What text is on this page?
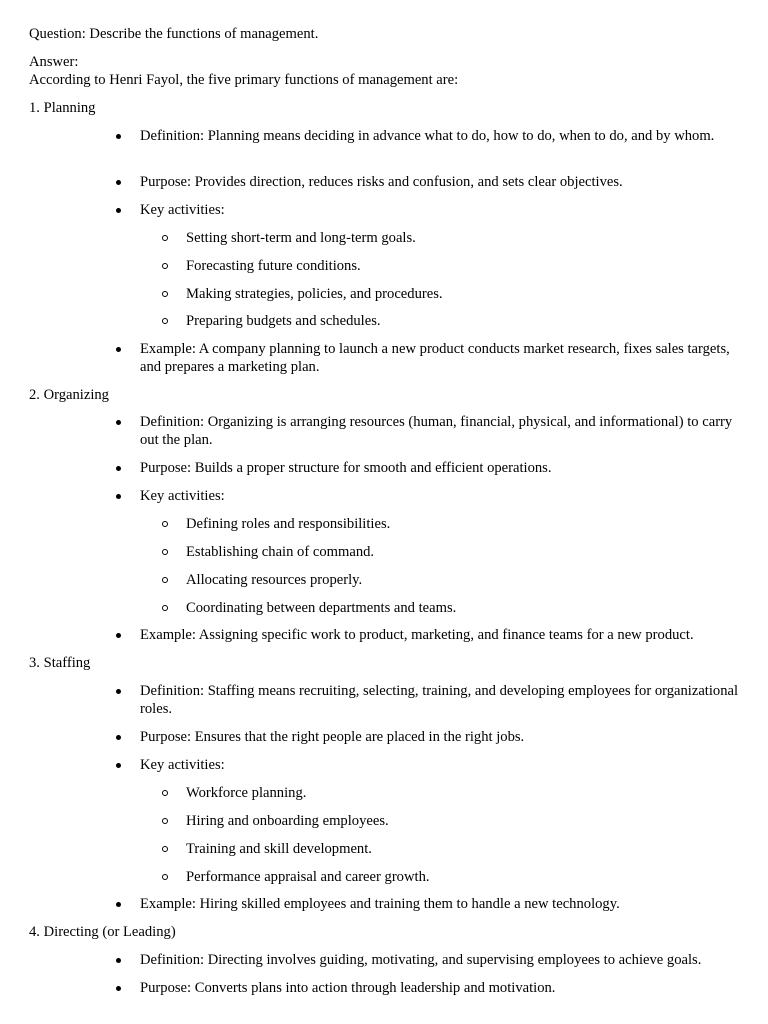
Question: Describe the functions of management.
Answer:
According to Henri Fayol, the five primary functions of management are:
1. Planning
Definition: Planning means deciding in advance what to do, how to do, when to do, and by whom.
Purpose: Provides direction, reduces risks and confusion, and sets clear objectives.
Key activities:
Setting short-term and long-term goals.
Forecasting future conditions.
Making strategies, policies, and procedures.
Preparing budgets and schedules.
Example: A company planning to launch a new product conducts market research, fixes sales targets, and prepares a marketing plan.
2. Organizing
Definition: Organizing is arranging resources (human, financial, physical, and informational) to carry out the plan.
Purpose: Builds a proper structure for smooth and efficient operations.
Key activities:
Defining roles and responsibilities.
Establishing chain of command.
Allocating resources properly.
Coordinating between departments and teams.
Example: Assigning specific work to product, marketing, and finance teams for a new product.
3. Staffing
Definition: Staffing means recruiting, selecting, training, and developing employees for organizational roles.
Purpose: Ensures that the right people are placed in the right jobs.
Key activities:
Workforce planning.
Hiring and onboarding employees.
Training and skill development.
Performance appraisal and career growth.
Example: Hiring skilled employees and training them to handle a new technology.
4. Directing (or Leading)
Definition: Directing involves guiding, motivating, and supervising employees to achieve goals.
Purpose: Converts plans into action through leadership and motivation.
